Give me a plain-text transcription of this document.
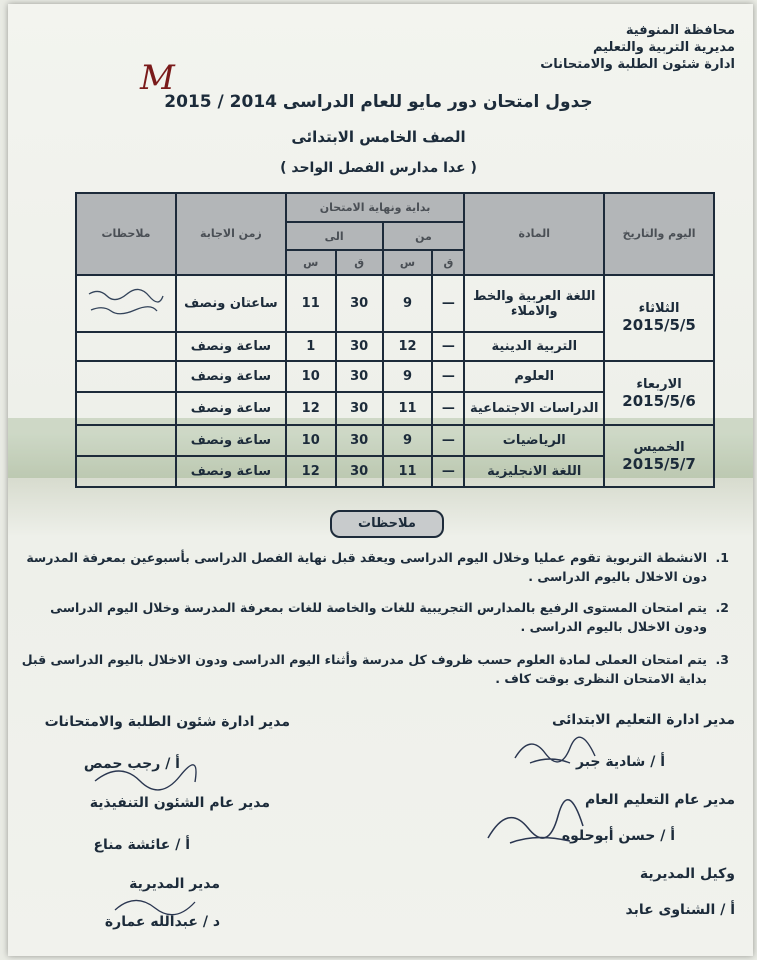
محافظة المنوفية
مديرية التربية والتعليم
ادارة شئون الطلبة والامتحانات
M
جدول امتحان دور مايو للعام الدراسى 2014 / 2015
الصف الخامس الابتدائى
( عدا مدارس الفصل الواحد )
اليوم والتاريخ	المادة	بداية ونهاية الامتحان				زمن الاجابة	ملاحظات
		من		الى			
		ق	س	ق	س		

الثلاثاء
2015/5/5	اللغة العربية والخط والاملاء	—	9	30	11	ساعتان ونصف	
	التربية الدينية	—	12	30	1	ساعة ونصف	

الاربعاء
2015/5/6	العلوم	—	9	30	10	ساعة ونصف	
	الدراسات الاجتماعية	—	11	30	12	ساعة ونصف	

الخميس
2015/5/7	الرياضيات	—	9	30	10	ساعة ونصف	
	اللغة الانجليزية	—	11	30	12	ساعة ونصف	
ملاحظات
1.الانشطة التربوية تقوم عمليا وخلال اليوم الدراسى ويعقد قبل نهاية الفصل الدراسى بأسبوعين بمعرفة المدرسة
دون الاخلال باليوم الدراسى .
2.يتم امتحان المستوى الرفيع بالمدارس التجريبية للغات والخاصة للغات بمعرفة المدرسة وخلال اليوم الدراسى
ودون الاخلال باليوم الدراسى .
3.يتم امتحان العملى لمادة العلوم حسب ظروف كل مدرسة وأثناء اليوم الدراسى ودون الاخلال باليوم الدراسى قبل
بداية الامتحان النظرى بوقت كاف .
مدير ادارة شئون الطلبة والامتحانات
أ / رجب حمص
مدير عام الشئون التنفيذية
أ / عائشة مناع
مدير المديرية
د / عبدالله عمارة
مدير ادارة التعليم الابتدائى
أ / شادية جبر
مدير عام التعليم العام
أ / حسن أبوحلوه
وكيل المديرية
أ / الشناوى عابد
